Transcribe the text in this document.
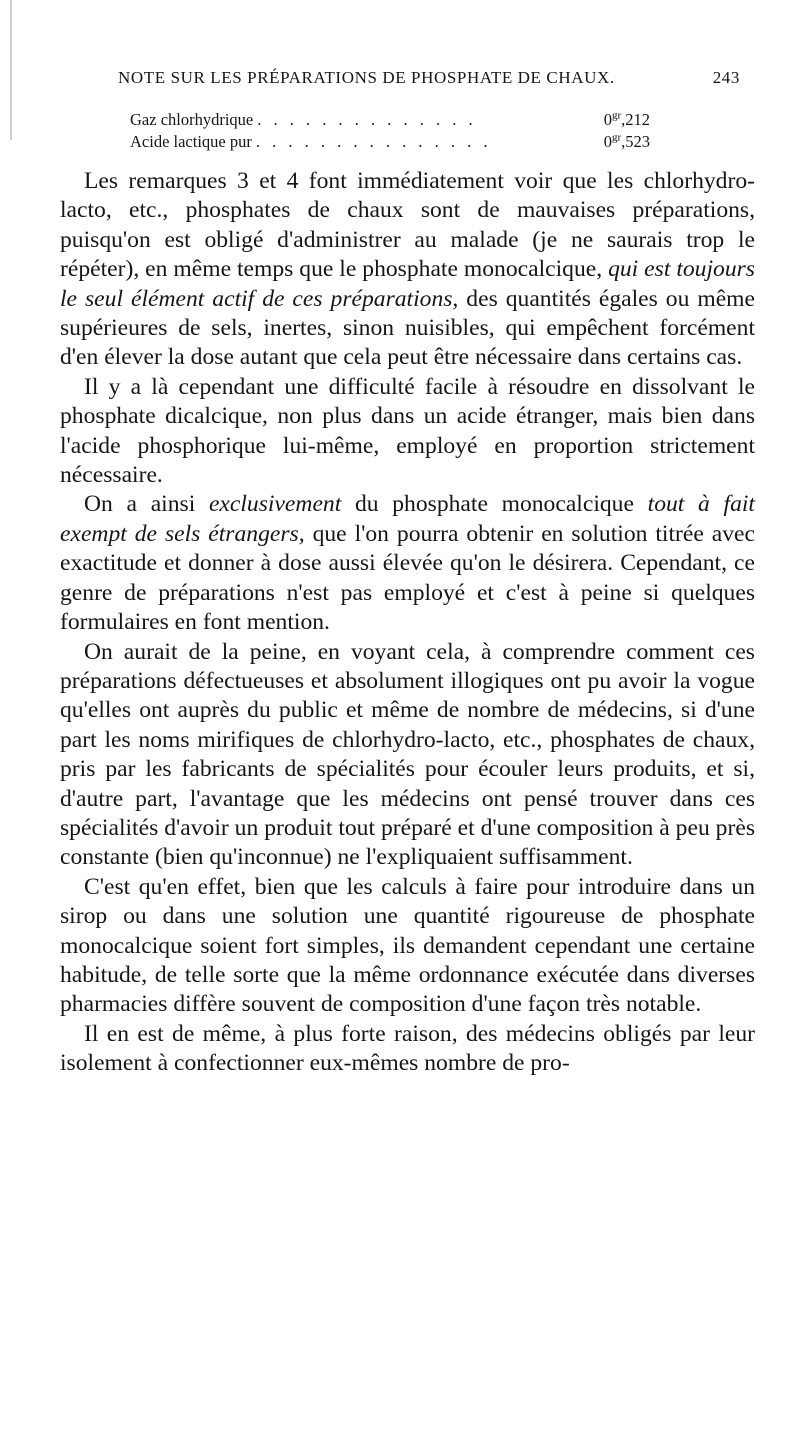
NOTE SUR LES PRÉPARATIONS DE PHOSPHATE DE CHAUX.	243
Gaz chlorhydrique . . . . . . . . . . . . . .	$0^{gr},212$
Acide lactique pur . . . . . . . . . . . . . . .	$0^{gr},523$

Les remarques 3 et 4 font immédiatement voir que les chlorhydro-lacto, etc., phosphates de chaux sont de mauvaises préparations, puisqu'on est obligé d'administrer au malade (je ne saurais trop le répéter), en même temps que le phosphate monocalcique, qui est toujours le seul élément actif de ces préparations, des quantités égales ou même supérieures de sels, inertes, sinon nuisibles, qui empêchent forcément d'en élever la dose autant que cela peut être nécessaire dans certains cas.

Il y a là cependant une difficulté facile à résoudre en dissolvant le phosphate dicalcique, non plus dans un acide étranger, mais bien dans l'acide phosphorique lui-même, employé en proportion strictement nécessaire.

On a ainsi exclusivement du phosphate monocalcique tout à fait exempt de sels étrangers, que l'on pourra obtenir en solution titrée avec exactitude et donner à dose aussi élevée qu'on le désirera. Cependant, ce genre de préparations n'est pas employé et c'est à peine si quelques formulaires en font mention.

On aurait de la peine, en voyant cela, à comprendre comment ces préparations défectueuses et absolument illogiques ont pu avoir la vogue qu'elles ont auprès du public et même de nombre de médecins, si d'une part les noms mirifiques de chlorhydro-lacto, etc., phosphates de chaux, pris par les fabricants de spécialités pour écouler leurs produits, et si, d'autre part, l'avantage que les médecins ont pensé trouver dans ces spécialités d'avoir un produit tout préparé et d'une composition à peu près constante (bien qu'inconnue) ne l'expliquaient suffisamment.

C'est qu'en effet, bien que les calculs à faire pour introduire dans un sirop ou dans une solution une quantité rigoureuse de phosphate monocalcique soient fort simples, ils demandent cependant une certaine habitude, de telle sorte que la même ordonnance exécutée dans diverses pharmacies diffère souvent de composition d'une façon très notable.

Il en est de même, à plus forte raison, des médecins obligés par leur isolement à confectionner eux-mêmes nombre de pro-
